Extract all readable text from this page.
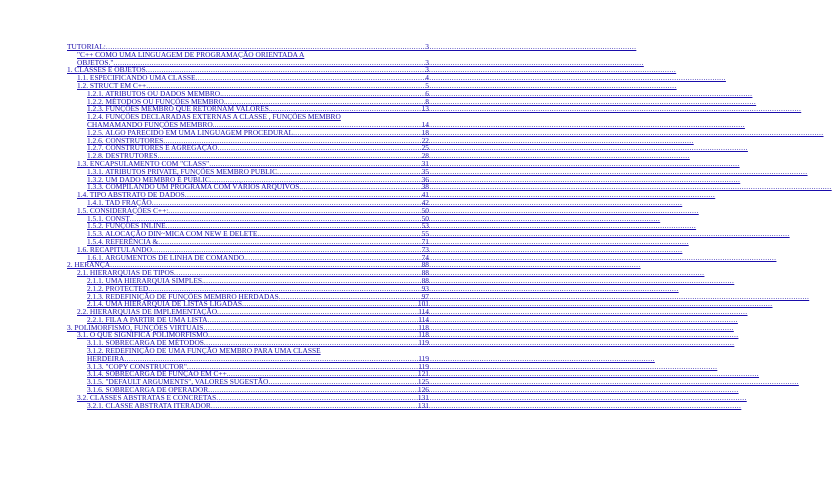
TUTORIAL: .....	3
"C++ COMO UMA LINGUAGEM DE PROGRAMAÇÃO ORIENTADA A
OBJETOS." .....	3
1. CLASSES E OBJETOS .....	3
1.1. ESPECIFICANDO UMA CLASSE .....	4
1.2. STRUCT EM C++ .....	5
1.2.1. ATRIBUTOS OU DADOS MEMBRO. .....	6
1.2.2. MÉTODOS OU FUNÇÕES MEMBRO. .....	8
1.2.3. FUNÇÕES MEMBRO QUE RETORNAM VALORES. .....	13
1.2.4. FUNÇÕES DECLARADAS EXTERNAS A CLASSE , FUNÇÕES MEMBRO
CHAMAMANDO FUNÇÕES MEMBRO. .....	14
1.2.5. ALGO PARECIDO EM UMA LINGUAGEM PROCEDURAL .....	18
1.2.6. CONSTRUTORES .....	22
1.2.7. CONSTRUTORES E AGREGAÇÃO .....	25
1.2.8. DESTRUTORES. .....	28
1.3. ENCAPSULAMENTO COM "CLASS" .....	31
1.3.1. ATRIBUTOS PRIVATE, FUNÇÕES MEMBRO PUBLIC .....	35
1.3.2. UM DADO MEMBRO É PUBLIC .....	36
1.3.3. COMPILANDO UM PROGRAMA COM VÁRIOS ARQUIVOS. .....	38
1.4. TIPO ABSTRATO DE DADOS .....	41
1.4.1. TAD FRAÇÃO .....	42
1.5. CONSIDERAÇÕES C++: .....	50
1.5.1. CONST .....	50
1.5.2. FUNÇÕES INLINE .....	53
1.5.3. ALOCAÇÃO DIN~MICA COM NEW E DELETE. .....	55
1.5.4. REFERÊNCIA & .....	71
1.6. RECAPITULANDO .....	73
1.6.1. ARGUMENTOS DE LINHA DE COMANDO. .....	74
2. HERANÇA .....	88
2.1. HIERARQUIAS DE TIPOS .....	88
2.1.1. UMA HIERARQUIA SIMPLES. .....	88
2.1.2. PROTECTED .....	93
2.1.3. REDEFINIÇÃO DE FUNÇÕES MEMBRO HERDADAS .....	97
2.1.4. UMA HIERARQUIA DE LISTAS LIGADAS .....	101
2.2. HIERARQUIAS DE IMPLEMENTAÇÃO .....	114
2.2.1. FILA A PARTIR DE UMA LISTA .....	114
3. POLIMORFISMO, FUNÇÕES VIRTUAIS .....	118
3.1. O QUE SIGNIFICA POLIMORFISMO .....	118
3.1.1. SOBRECARGA DE MÉTODOS .....	119
3.1.2. REDEFINIÇÃO DE UMA FUNÇÃO MEMBRO PARA UMA CLASSE
HERDEIRA .....	119
3.1.3. "COPY CONSTRUCTOR" .....	119
3.1.4. SOBRECARGA DE FUNÇÃO EM C++. .....	121
3.1.5. "DEFAULT ARGUMENTS", VALORES SUGESTÃO .....	125
3.1.6. SOBRECARGA DE OPERADOR .....	126
3.2. CLASSES ABSTRATAS E CONCRETAS .....	131
3.2.1. CLASSE ABSTRATA ITERADOR .....	131
